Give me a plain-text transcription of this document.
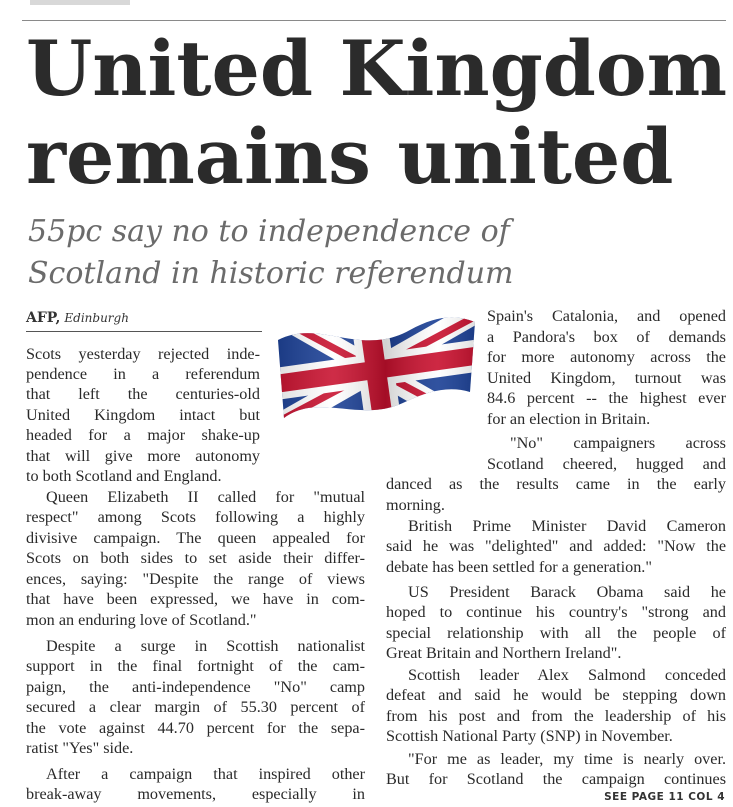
United Kingdom
remains united
55pc say no to independence of
Scotland in historic referendum
AFP, Edinburgh
Scots yesterday rejected inde-
pendence in a referendum
that left the centuries-old
United Kingdom intact but
headed for a major shake-up
that will give more autonomy
to both Scotland and England.
Queen Elizabeth II called for "mutual
respect" among Scots following a highly
divisive campaign. The queen appealed for
Scots on both sides to set aside their differ-
ences, saying: "Despite the range of views
that have been expressed, we have in com-
mon an enduring love of Scotland."
Despite a surge in Scottish nationalist
support in the final fortnight of the cam-
paign, the anti-independence "No" camp
secured a clear margin of 55.30 percent of
the vote against 44.70 percent for the sepa-
ratist "Yes" side.
After a campaign that inspired other
break-away movements, especially in
Spain's Catalonia, and opened
a Pandora's box of demands
for more autonomy across the
United Kingdom, turnout was
84.6 percent -- the highest ever
for an election in Britain.
"No" campaigners across
Scotland cheered, hugged and
danced as the results came in the early
morning.
British Prime Minister David Cameron
said he was "delighted" and added: "Now the
debate has been settled for a generation."
US President Barack Obama said he
hoped to continue his country's "strong and
special relationship with all the people of
Great Britain and Northern Ireland".
Scottish leader Alex Salmond conceded
defeat and said he would be stepping down
from his post and from the leadership of his
Scottish National Party (SNP) in November.
"For me as leader, my time is nearly over.
But for Scotland the campaign continues
SEE PAGE 11 COL 4
